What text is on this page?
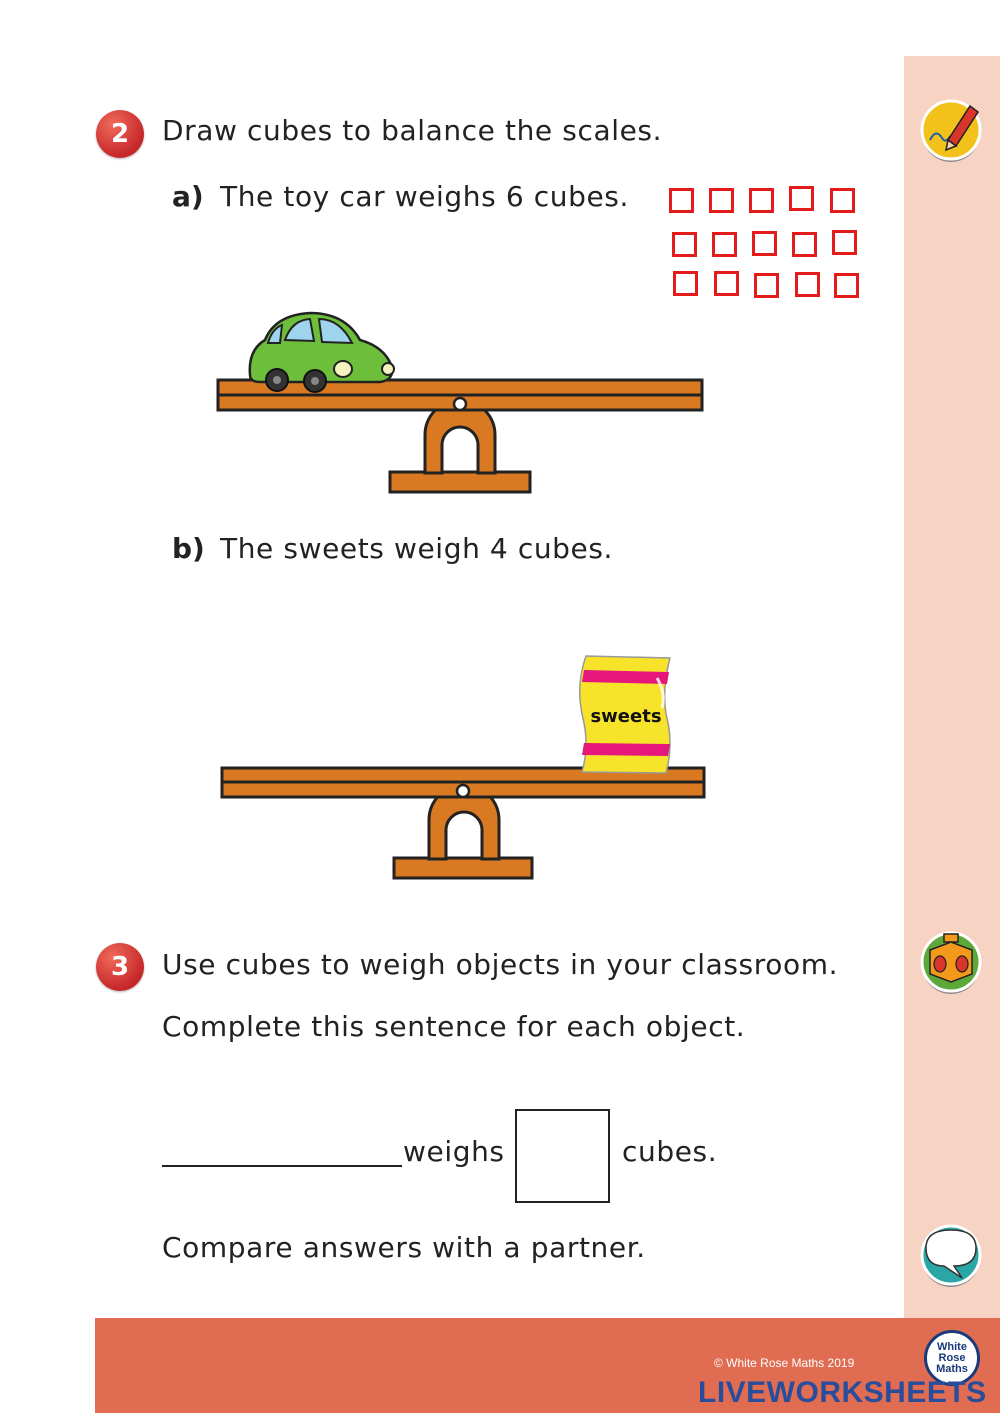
2 Draw cubes to balance the scales.
a) The toy car weighs 6 cubes.
b) The sweets weigh 4 cubes.
sweets
3 Use cubes to weigh objects in your classroom.
Complete this sentence for each object.
weighs	cubes.
Compare answers with a partner.
© White Rose Maths 2019
White
Rose
Maths
LIVEWORKSHEETS
